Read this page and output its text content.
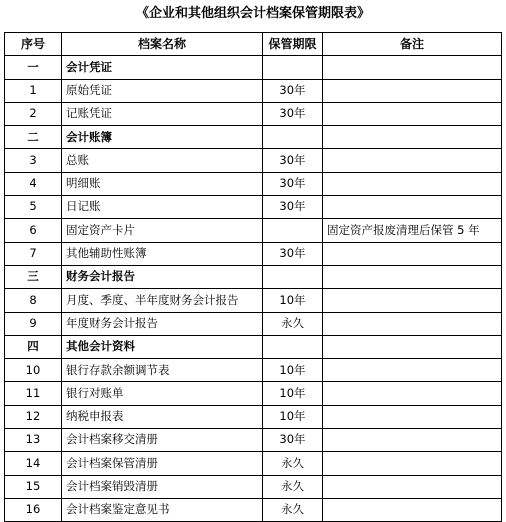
《企业和其他组织会计档案保管期限表》
序号	档案名称	保管期限	备注
一	会计凭证		
1	原始凭证	30年	
2	记账凭证	30年	
二	会计账簿		
3	总账	30年	
4	明细账	30年	
5	日记账	30年	
6	固定资产卡片		固定资产报废清理后保管 5 年
7	其他辅助性账簿	30年	
三	财务会计报告		
8	月度、季度、半年度财务会计报告	10年	
9	年度财务会计报告	永久	
四	其他会计资料		
10	银行存款余额调节表	10年	
11	银行对账单	10年	
12	纳税申报表	10年	
13	会计档案移交清册	30年	
14	会计档案保管清册	永久	
15	会计档案销毁清册	永久	
16	会计档案鉴定意见书	永久	
